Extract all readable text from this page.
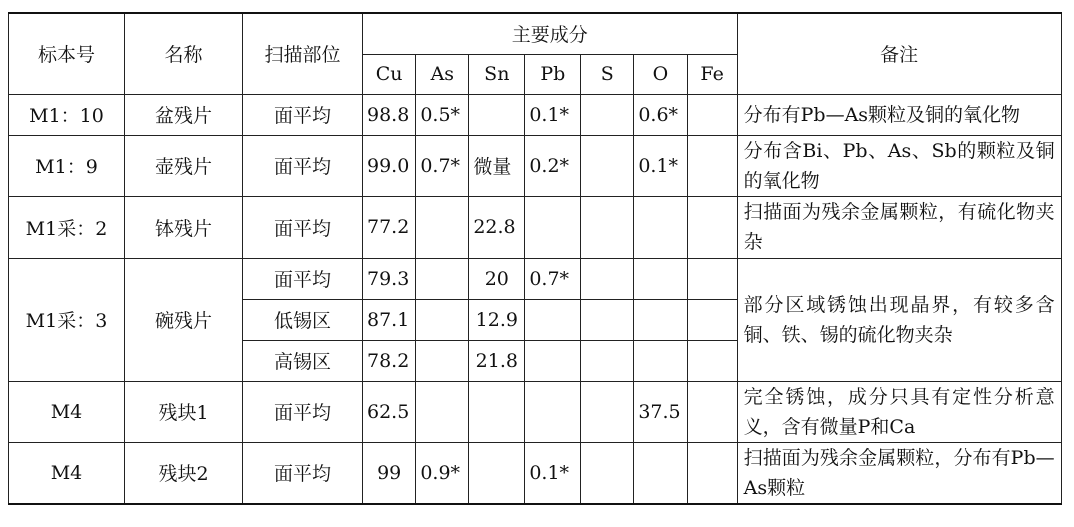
标本号	名称	扫描部位	主要成分							备注
			Cu	As	Sn	Pb	S	O	Fe	
M1：10	盆残片	面平均	98.8	0.5*		0.1*		0.6*		分布有Pb—As颗粒及铜的氧化物
M1：9	壶残片	面平均	99.0	0.7*	微量	0.2*		0.1*		分布含Bi、Pb、As、Sb的颗粒及铜的氧化物
M1采：2	钵残片	面平均	77.2		22.8					扫描面为残余金属颗粒，有硫化物夹杂
M1采：3	碗残片	面平均	79.3		20	0.7*				部分区域锈蚀出现晶界，有较多含铜、铁、锡的硫化物夹杂
		低锡区	87.1		12.9					
		高锡区	78.2		21.8					
M4	残块1	面平均	62.5					37.5		完全锈蚀，成分只具有定性分析意义，含有微量P和Ca
M4	残块2	面平均	99	0.9*		0.1*				扫描面为残余金属颗粒，分布有Pb—As颗粒
